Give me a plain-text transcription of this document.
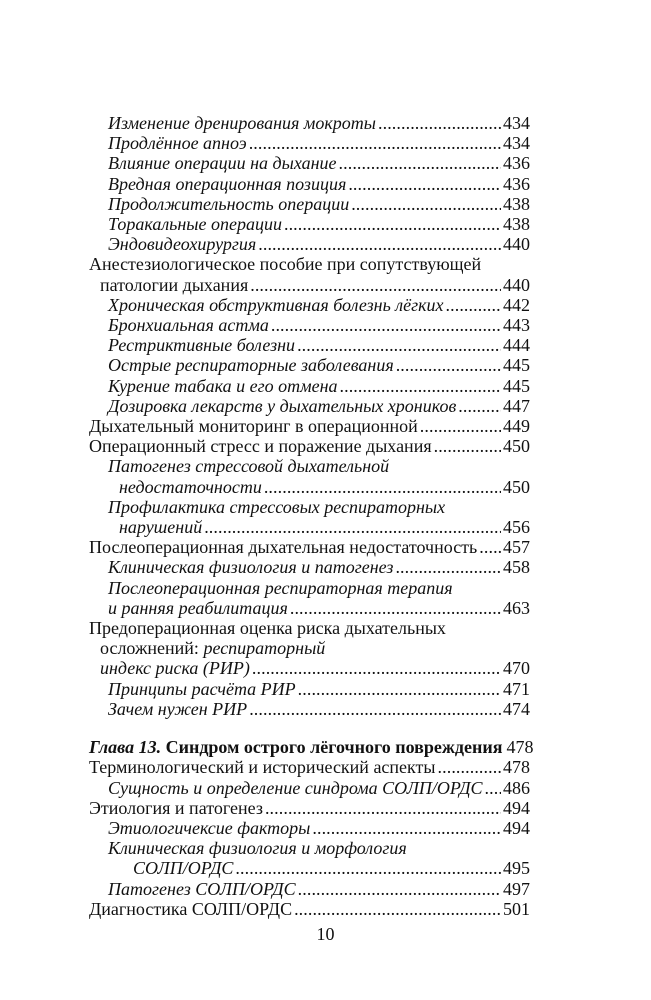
Изменение дренирования мокроты . . .	434
Продлённое апноэ . . .	434
Влияние операции на дыхание . . .	436
Вредная операционная позиция . . .	436
Продолжительность операции . . .	438
Торакальные операции . . .	438
Эндовидеохирургия . . .	440
Анестезиологическое пособие при сопутствующей
патологии дыхания . . .	440
Хроническая обструктивная болезнь лёгких . . .	442
Бронхиальная астма . . .	443
Рестриктивные болезни . . .	444
Острые респираторные заболевания . . .	445
Курение табака и его отмена . . .	445
Дозировка лекарств у дыхательных хроников . . .	447
Дыхательный мониторинг в операционной . . .	449
Операционный стресс и поражение дыхания . . .	450
Патогенез стрессовой дыхательной
недостаточности . . .	450
Профилактика стрессовых респираторных
нарушений . . .	456
Послеоперационная дыхательная недостаточность . . . 457
Клиническая физиология и патогенез . . .	458
Послеоперационная респираторная терапия
и ранняя реабилитация . . .	463
Предоперационная оценка риска дыхательных
осложнений: респираторный
индекс риска (РИР) . . .	470
Принципы расчёта РИР . . .	471
Зачем нужен РИР . . .	474
Глава 13. Синдром острого лёгочного повреждения 478
Терминологический и исторический аспекты . . .	478
Сущность и определение синдрома СОЛП/ОРДС . . . 486
Этиология и патогенез . . .	494
Этиологичексие факторы . . .	494
Клиническая физиология и морфология
СОЛП/ОРДС . . .	495
Патогенез СОЛП/ОРДС . . .	497
Диагностика СОЛП/ОРДС . . .	501
10
